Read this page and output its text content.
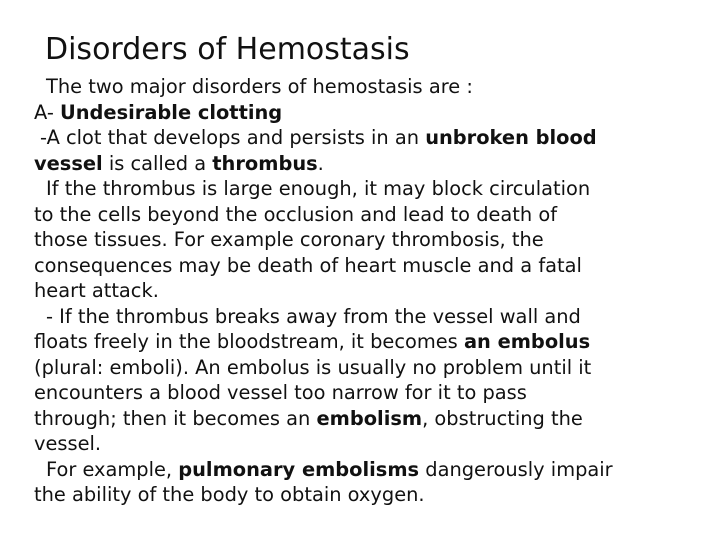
Disorders of Hemostasis
The two major disorders of hemostasis are :
A- Undesirable clotting
-A clot that develops and persists in an unbroken blood
vessel is called a thrombus.
If the thrombus is large enough, it may block circulation
to the cells beyond the occlusion and lead to death of
those tissues. For example coronary thrombosis, the
consequences may be death of heart muscle and a fatal
heart attack.
- If the thrombus breaks away from the vessel wall and
floats freely in the bloodstream, it becomes an embolus
(plural: emboli). An embolus is usually no problem until it
encounters a blood vessel too narrow for it to pass
through; then it becomes an embolism, obstructing the
vessel.
For example, pulmonary embolisms dangerously impair
the ability of the body to obtain oxygen.
